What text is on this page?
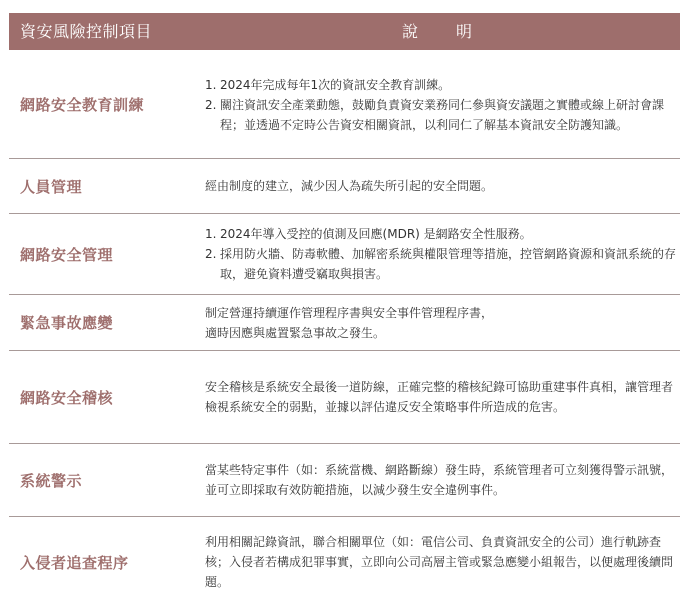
資安風險控制項目	說明
網路安全教育訓練
1. 2024年完成每年1次的資訊安全教育訓練。
2. 關注資訊安全產業動態，鼓勵負責資安業務同仁參與資安議題之實體或線上研討會課程；並透過不定時公告資安相關資訊，以利同仁了解基本資訊安全防護知識。
人員管理	經由制度的建立，減少因人為疏失所引起的安全問題。

網路安全管理
1. 2024年導入受控的偵測及回應(MDR) 是網路安全性服務。
2. 採用防火牆、防毒軟體、加解密系統與權限管理等措施，控管網路資源和資訊系統的存取，避免資料遭受竊取與損害。
緊急事故應變

制定營運持續運作管理程序書與安全事件管理程序書，

適時因應與處置緊急事故之發生。

網路安全稽核

安全稽核是系統安全最後一道防線，正確完整的稽核紀錄可協助重建事件真相，讓管理者檢視系統安全的弱點，並據以評估違反安全策略事件所造成的危害。

系統警示

當某些特定事件（如：系統當機、網路斷線）發生時，系統管理者可立刻獲得警示訊號，並可立即採取有效防範措施，以減少發生安全違例事件。

入侵者追查程序

利用相關記錄資訊，聯合相關單位（如：電信公司、負責資訊安全的公司）進行軌跡查核；入侵者若構成犯罪事實，立即向公司高層主管或緊急應變小組報告，以便處理後續問題。
